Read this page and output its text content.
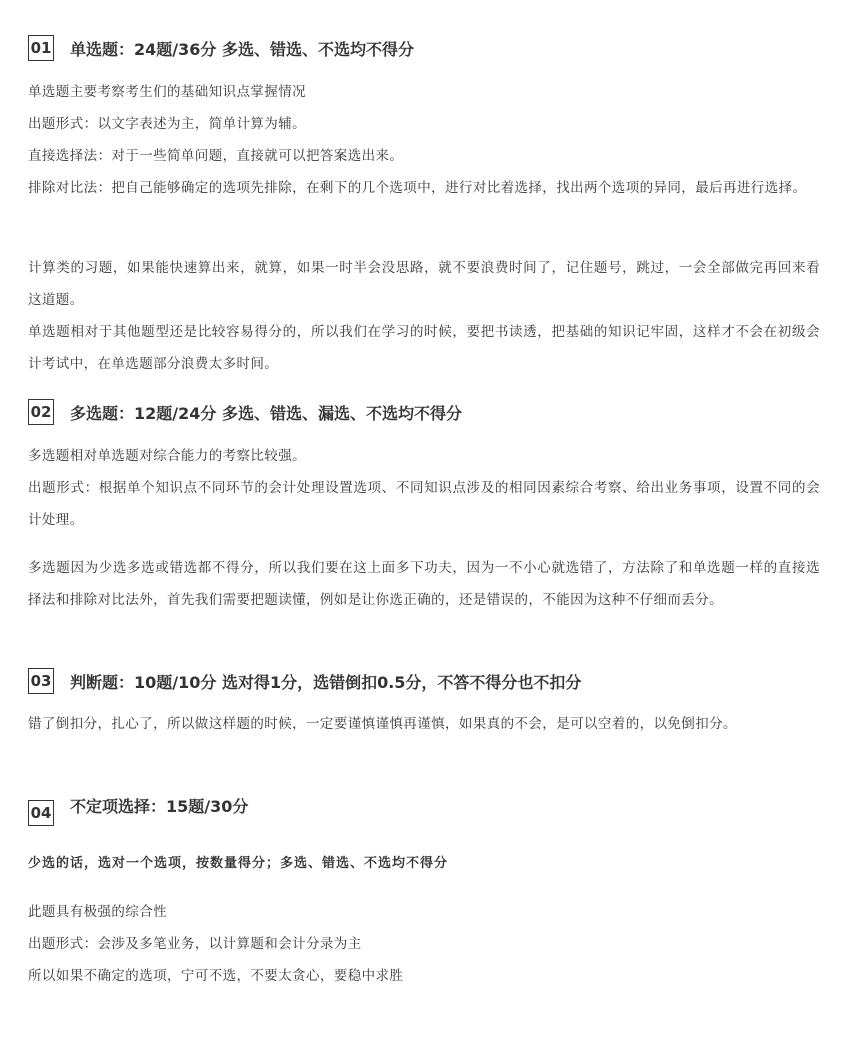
01 单选题：24题/36分 多选、错选、不选均不得分
单选题主要考察考生们的基础知识点掌握情况
出题形式：以文字表述为主，简单计算为辅。
直接选择法：对于一些简单问题，直接就可以把答案选出来。
排除对比法：把自己能够确定的选项先排除，在剩下的几个选项中，进行对比着选择，找出两个选项的异同，最后再进行选择。
计算类的习题，如果能快速算出来，就算，如果一时半会没思路，就不要浪费时间了，记住题号，跳过，一会全部做完再回来看这道题。
单选题相对于其他题型还是比较容易得分的，所以我们在学习的时候，要把书读透，把基础的知识记牢固，这样才不会在初级会计考试中，在单选题部分浪费太多时间。
02 多选题：12题/24分 多选、错选、漏选、不选均不得分
多选题相对单选题对综合能力的考察比较强。
出题形式：根据单个知识点不同环节的会计处理设置选项、不同知识点涉及的相同因素综合考察、给出业务事项，设置不同的会计处理。
多选题因为少选多选或错选都不得分，所以我们要在这上面多下功夫，因为一不小心就选错了，方法除了和单选题一样的直接选择法和排除对比法外，首先我们需要把题读懂，例如是让你选正确的，还是错误的，不能因为这种不仔细而丢分。
03 判断题：10题/10分 选对得1分，选错倒扣0.5分，不答不得分也不扣分
错了倒扣分，扎心了，所以做这样题的时候，一定要谨慎谨慎再谨慎，如果真的不会，是可以空着的，以免倒扣分。
04 不定项选择：15题/30分
少选的话，选对一个选项，按数量得分；多选、错选、不选均不得分
此题具有极强的综合性
出题形式：会涉及多笔业务，以计算题和会计分录为主
所以如果不确定的选项，宁可不选，不要太贪心，要稳中求胜
